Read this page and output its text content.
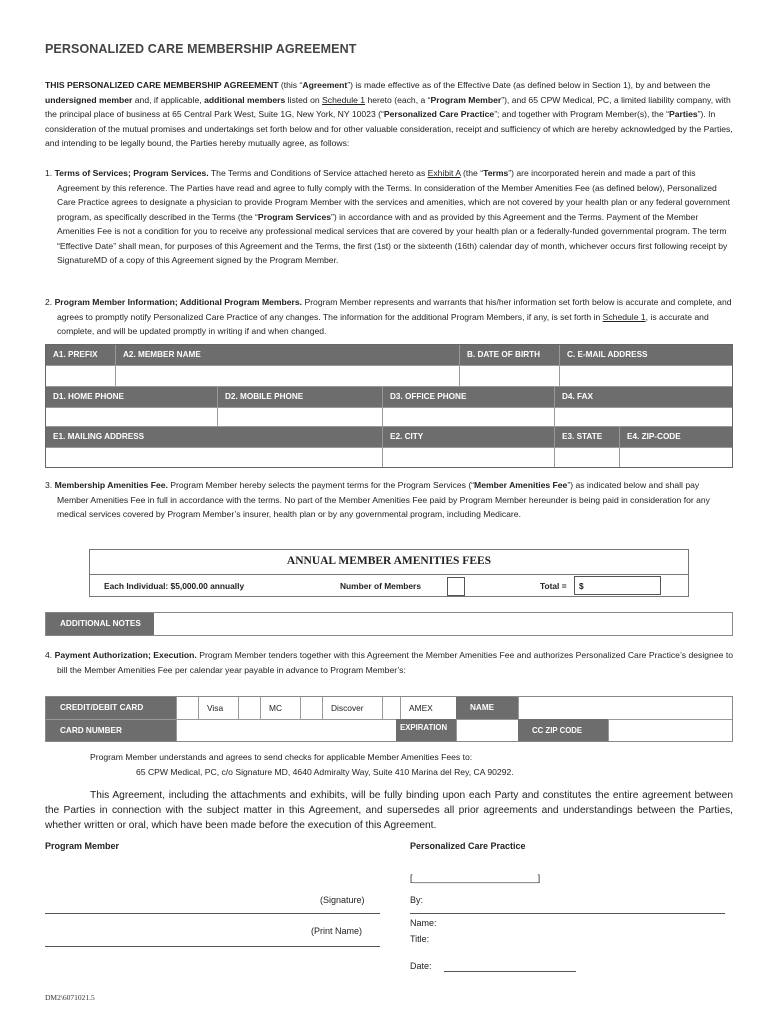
PERSONALIZED CARE MEMBERSHIP AGREEMENT
THIS PERSONALIZED CARE MEMBERSHIP AGREEMENT (this “Agreement”) is made effective as of the Effective Date (as defined below in Section 1), by and between the undersigned member and, if applicable, additional members listed on Schedule 1 hereto (each, a “Program Member”), and 65 CPW Medical, PC, a limited liability company, with the principal place of business at 65 Central Park West, Suite 1G, New York, NY 10023 (“Personalized Care Practice”; and together with Program Member(s), the “Parties”). In consideration of the mutual promises and undertakings set forth below and for other valuable consideration, receipt and sufficiency of which are hereby acknowledged by the Parties, and intending to be legally bound, the Parties hereby mutually agree, as follows:
1. Terms of Services; Program Services. The Terms and Conditions of Service attached hereto as Exhibit A (the “Terms”) are incorporated herein and made a part of this Agreement by this reference. The Parties have read and agree to fully comply with the Terms. In consideration of the Member Amenities Fee (as defined below), Personalized Care Practice agrees to designate a physician to provide Program Member with the services and amenities, which are not covered by your health plan or any federal government program, as specifically described in the Terms (the “Program Services”) in accordance with and as provided by this Agreement and the Terms. Payment of the Member Amenities Fee is not a condition for you to receive any professional medical services that are covered by your health plan or a federally-funded governmental program. The term “Effective Date” shall mean, for purposes of this Agreement and the Terms, the first (1st) or the sixteenth (16th) calendar day of month, whichever occurs first following receipt by SignatureMD of a copy of this Agreement signed by the Program Member.
2. Program Member Information; Additional Program Members. Program Member represents and warrants that his/her information set forth below is accurate and complete, and agrees to promptly notify Personalized Care Practice of any changes. The information for the additional Program Members, if any, is set forth in Schedule 1, is accurate and complete, and will be updated promptly in writing if and when changed.
A1. PREFIX	A2. MEMBER NAME	B. DATE OF BIRTH	C. E-MAIL ADDRESS
D1. HOME PHONE	D2. MOBILE PHONE	D3. OFFICE PHONE	D4. FAX
E1. MAILING ADDRESS	E2. CITY	E3. STATE	E4. ZIP-CODE
3. Membership Amenities Fee. Program Member hereby selects the payment terms for the Program Services (“Member Amenities Fee”) as indicated below and shall pay Member Amenities Fee in full in accordance with the terms. No part of the Member Amenities Fee paid by Program Member hereunder is being paid in consideration for any medical services covered by Program Member’s insurer, health plan or by any governmental program, including Medicare.
ANNUAL MEMBER AMENITIES FEES
Each Individual: $5,000.00 annually	Number of Members	Total = $
ADDITIONAL NOTES
4. Payment Authorization; Execution. Program Member tenders together with this Agreement the Member Amenities Fee and authorizes Personalized Care Practice’s designee to bill the Member Amenities Fee per calendar year payable in advance to Program Member’s:
CREDIT/DEBIT CARD	Visa	MC	Discover	AMEX	NAME
CARD NUMBER	EXPIRATION	CC ZIP CODE
Program Member understands and agrees to send checks for applicable Member Amenities Fees to:
65 CPW Medical, PC, c/o Signature MD, 4640 Admiralty Way, Suite 410 Marina del Rey, CA 90292.
This Agreement, including the attachments and exhibits, will be fully binding upon each Party and constitutes the entire agreement between the Parties in connection with the subject matter in this Agreement, and supersedes all prior agreements and understandings between the Parties, whether written or oral, which have been made before the execution of this Agreement.
Program Member	Personalized Care Practice
[_________________________]
(Signature)	By:
Name:
(Print Name)
Title:
Date:
DM2\6071021.5
